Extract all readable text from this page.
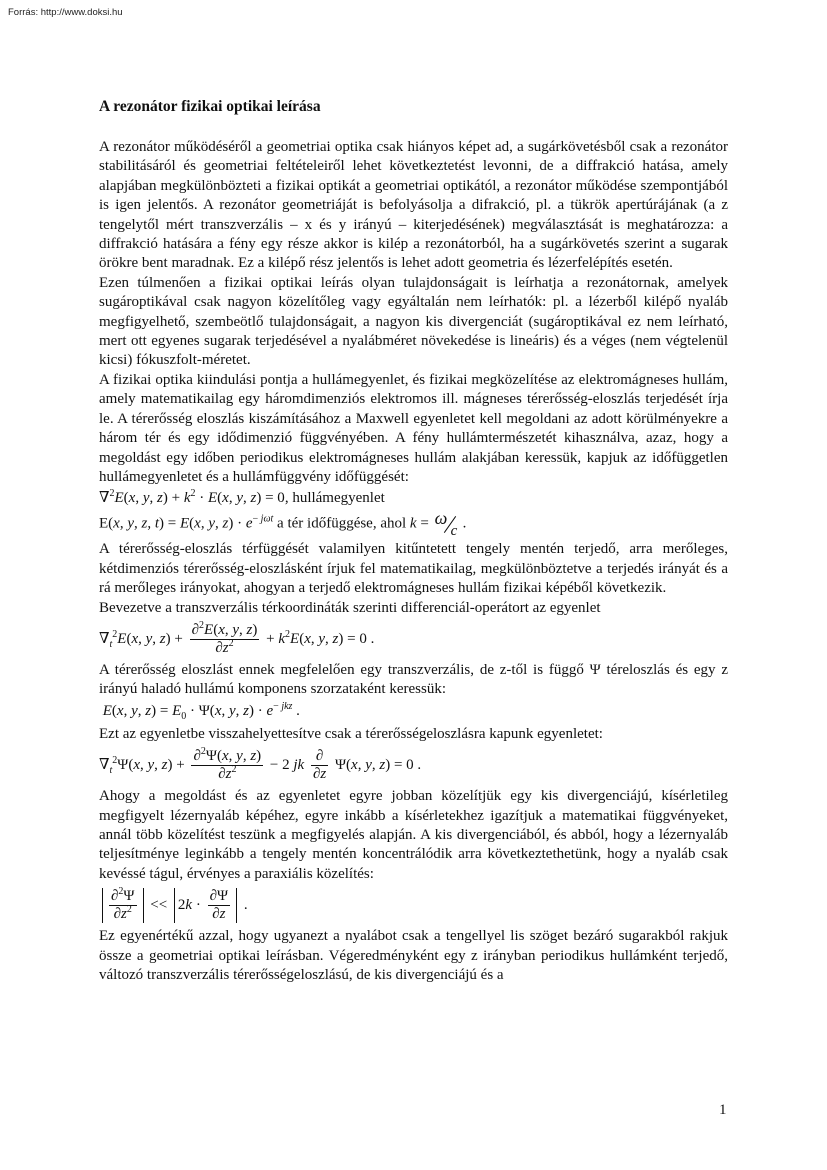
Forrás: http://www.doksi.hu
A rezonátor fizikai optikai leírása

A rezonátor működéséről a geometriai optika csak hiányos képet ad, a sugárkövetésből csak a rezonátor stabilitásáról és geometriai feltételeiről lehet következtetést levonni, de a diffrakció hatása, amely alapjában megkülönbözteti a fizikai optikát a geometriai optikától, a rezonátor működése szempontjából is igen jelentős. A rezonátor geometriáját is befolyásolja a difrakció, pl. a tükrök apertúrájának (a z tengelytől mért transzverzális – x és y irányú – kiterjedésének) megválasztását is meghatározza: a diffrakció hatására a fény egy része akkor is kilép a rezonátorból, ha a sugárkövetés szerint a sugarak örökre bent maradnak. Ez a kilépő rész jelentős is lehet adott geometria és lézerfelépítés esetén.

Ezen túlmenően a fizikai optikai leírás olyan tulajdonságait is leírhatja a rezonátornak, amelyek sugároptikával csak nagyon közelítőleg vagy egyáltalán nem leírhatók: pl. a lézerből kilépő nyaláb megfigyelhető, szembeötlő tulajdonságait, a nagyon kis divergenciát (sugároptikával ez nem leírható, mert ott egyenes sugarak terjedésével a nyalábméret növekedése is lineáris) és a véges (nem végtelenül kicsi) fókuszfolt-méretet.

A fizikai optika kiindulási pontja a hullámegyenlet, és fizikai megközelítése az elektromágneses hullám, amely matematikailag egy háromdimenziós elektromos ill. mágneses térerősség-eloszlás terjedését írja le. A térerősség eloszlás kiszámításához a Maxwell egyenletet kell megoldani az adott körülményekre a három tér és egy idődimenzió függvényében. A fény hullámtermészetét kihasználva, azaz, hogy a megoldást egy időben periodikus elektromágneses hullám alakjában keressük, kapjuk az időfüggetlen hullámegyenletet és a hullámfüggvény időfüggését:

∇$^2$E(x, y, $z) + k^2 \cdot E(x$, y, z) = 0, hullámegyenlet
E(x, y, z, t) = E(x, y, $z) \cdot e^{- j\omega t}$ a tér időfüggése, ahol k = ω
c .

A térerősség-eloszlás térfüggését valamilyen kitűntetett tengely mentén terjedő, arra merőleges, kétdimenziós térerősség-eloszlásként írjuk fel matematikailag, megkülönböztetve a terjedés irányát és a rá merőleges irányokat, ahogyan a terjedő elektromágneses hullám fizikai képéből következik.

Bevezetve a transzverzális térkoordináták szerinti differenciál-operátort az egyenlet

$\nabla_t^2E(x$, y, $z) + \frac{\partial^2E(x, y, z)}{\partial z^2} + k^2E(x$, y, z) = 0 .

A térerősség eloszlást ennek megfelelően egy transzverzális, de z-től is függő Ψ téreloszlás és egy z irányú haladó hullámú komponens szorzataként keressük:

E(x, y, $z) = E_0 \cdot \Psi(x$, y, $z) \cdot e^{- jkz}$ .

Ezt az egyenletbe visszahelyettesítve csak a térerősségeloszlásra kapunk egyenletet:

$\nabla_t^2\Psi(x$, y, $z) + \frac{\partial^2\Psi(x, y, z)}{\partial z^2} - 2$ jk $\frac{\partial}{\partial z} \Psi(x$, y, z) = 0 .

Ahogy a megoldást és az egyenletet egyre jobban közelítjük egy kis divergenciájú, kísérletileg megfigyelt lézernyaláb képéhez, egyre inkább a kísérletekhez igazítjuk a matematikai függvényeket, annál több közelítést teszünk a megfigyelés alapján. A kis divergenciából, és abból, hogy a lézernyaláb teljesítménye leginkább a tengely mentén koncentrálódik arra következtethetünk, hogy a nyaláb csak kevéssé tágul, érvényes a paraxiális közelítés:

$\frac{\partial^2\Psi}{\partial z^2} << 2k \cdot \frac{\partial\Psi}{\partial z}$ .

Ez egyenértékű azzal, hogy ugyanezt a nyalábot csak a tengellyel lis szöget bezáró sugarakból rakjuk össze a geometriai optikai leírásban. Végeredményként egy z irányban periodikus hullámként terjedő, változó transzverzális térerősségeloszlású, de kis divergenciájú és a

1
